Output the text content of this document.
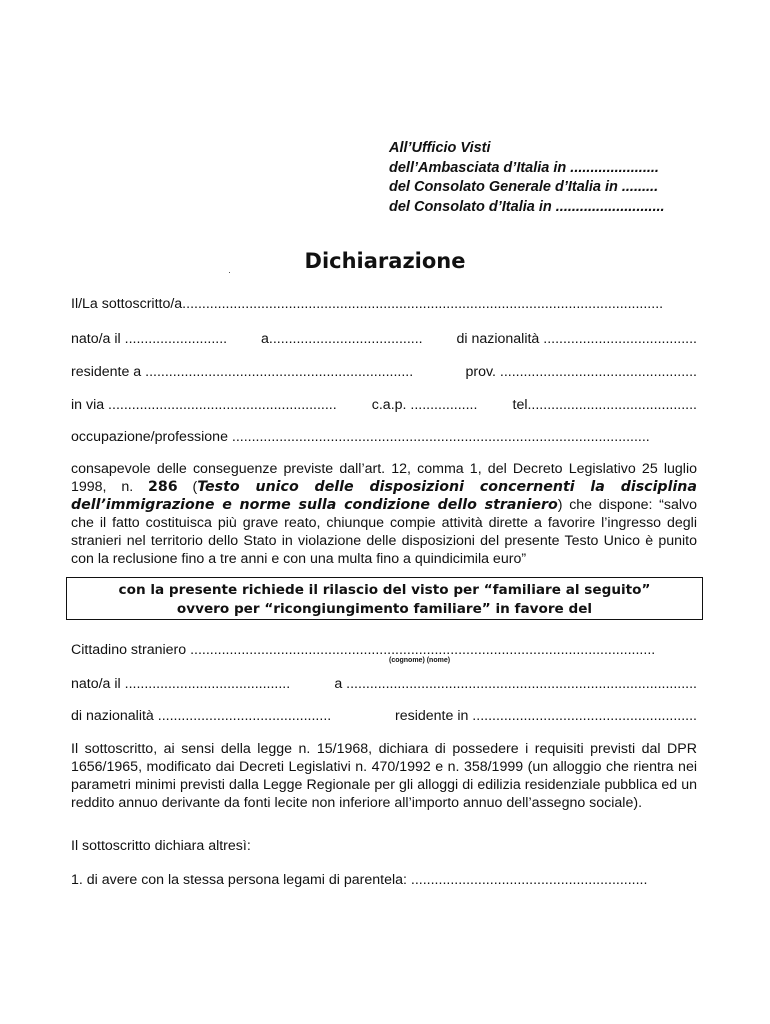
All’Ufficio Visti
dell’Ambasciata d’Italia in ......................
del Consolato Generale d’Italia in .........
del Consolato d’Italia in ...........................
Dichiarazione
Il/La sottoscritto/a..........................................................................................................................
nato/a il .......................... a....................................... di nazionalità .......................................
residente a ....................................................................	prov. ..................................................
in via .......................................................... c.a.p. ................. tel...........................................
occupazione/professione ..........................................................................................................
consapevole delle conseguenze previste dall’art. 12, comma 1, del Decreto Legislativo 25 luglio 1998, n. 286 (Testo unico delle disposizioni concernenti la disciplina dell’immigrazione e norme sulla condizione dello straniero) che dispone: “salvo che il fatto costituisca più grave reato, chiunque compie attività dirette a favorire l’ingresso degli stranieri nel territorio dello Stato in violazione delle disposizioni del presente Testo Unico è punito con la reclusione fino a tre anni e con una multa fino a quindicimila euro”
con la presente richiede il rilascio del visto per “familiare al seguito”
ovvero per “ricongiungimento familiare” in favore del
Cittadino straniero ......................................................................................................................
(cognome) (nome)
nato/a il ..........................................	a .........................................................................................
di nazionalità ............................................	residente in .........................................................
Il sottoscritto, ai sensi della legge n. 15/1968, dichiara di possedere i requisiti previsti dal DPR 1656/1965, modificato dai Decreti Legislativi n. 470/1992 e n. 358/1999 (un alloggio che rientra nei parametri minimi previsti dalla Legge Regionale per gli alloggi di edilizia residenziale pubblica ed un reddito annuo derivante da fonti lecite non inferiore all’importo annuo dell’assegno sociale).
Il sottoscritto dichiara altresì:
1. di avere con la stessa persona legami di parentela: ............................................................
